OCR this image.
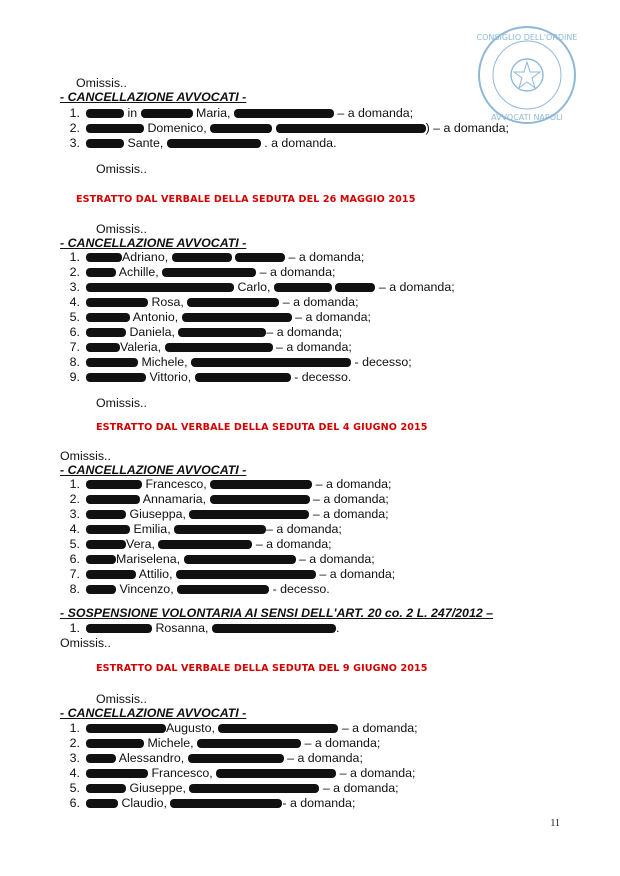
CONSIGLIO DELL'ORDINE
AVVOCATI NAPOLI
Omissis..
- CANCELLAZIONE AVVOCATI -
1.	in	Maria,	– a domanda;
2.	Domenico,	) – a domanda;
3.	Sante,	. a domanda.
Omissis..
ESTRATTO DAL VERBALE DELLA SEDUTA DEL 26 MAGGIO 2015
Omissis..
- CANCELLAZIONE AVVOCATI -
1.	Adriano,	– a domanda;
2.	Achille,	– a domanda;
3.	Carlo,	– a domanda;
4.	Rosa,	– a domanda;
5.	Antonio,	– a domanda;
6.	Daniela,	– a domanda;
7.	Valeria,	– a domanda;
8.	Michele,	- decesso;
9.	Vittorio,	- decesso.
Omissis..
ESTRATTO DAL VERBALE DELLA SEDUTA DEL 4 GIUGNO 2015
Omissis..
- CANCELLAZIONE AVVOCATI -
1.	Francesco,	– a domanda;
2.	Annamaria,	– a domanda;
3.	Giuseppa,	– a domanda;
4.	Emilia,	– a domanda;
5.	Vera,	– a domanda;
6.	Mariselena,	– a domanda;
7.	Attilio,	– a domanda;
8.	Vincenzo,	- decesso.
- SOSPENSIONE VOLONTARIA AI SENSI DELL'ART. 20 co. 2 L. 247/2012 –
1.	Rosanna,	.
Omissis..
ESTRATTO DAL VERBALE DELLA SEDUTA DEL 9 GIUGNO 2015
Omissis..
- CANCELLAZIONE AVVOCATI -
1.	Augusto,	– a domanda;
2.	Michele,	– a domanda;
3.	Alessandro,	– a domanda;
4.	Francesco,	– a domanda;
5.	Giuseppe,	– a domanda;
6.	Claudio,	- a domanda;
11
